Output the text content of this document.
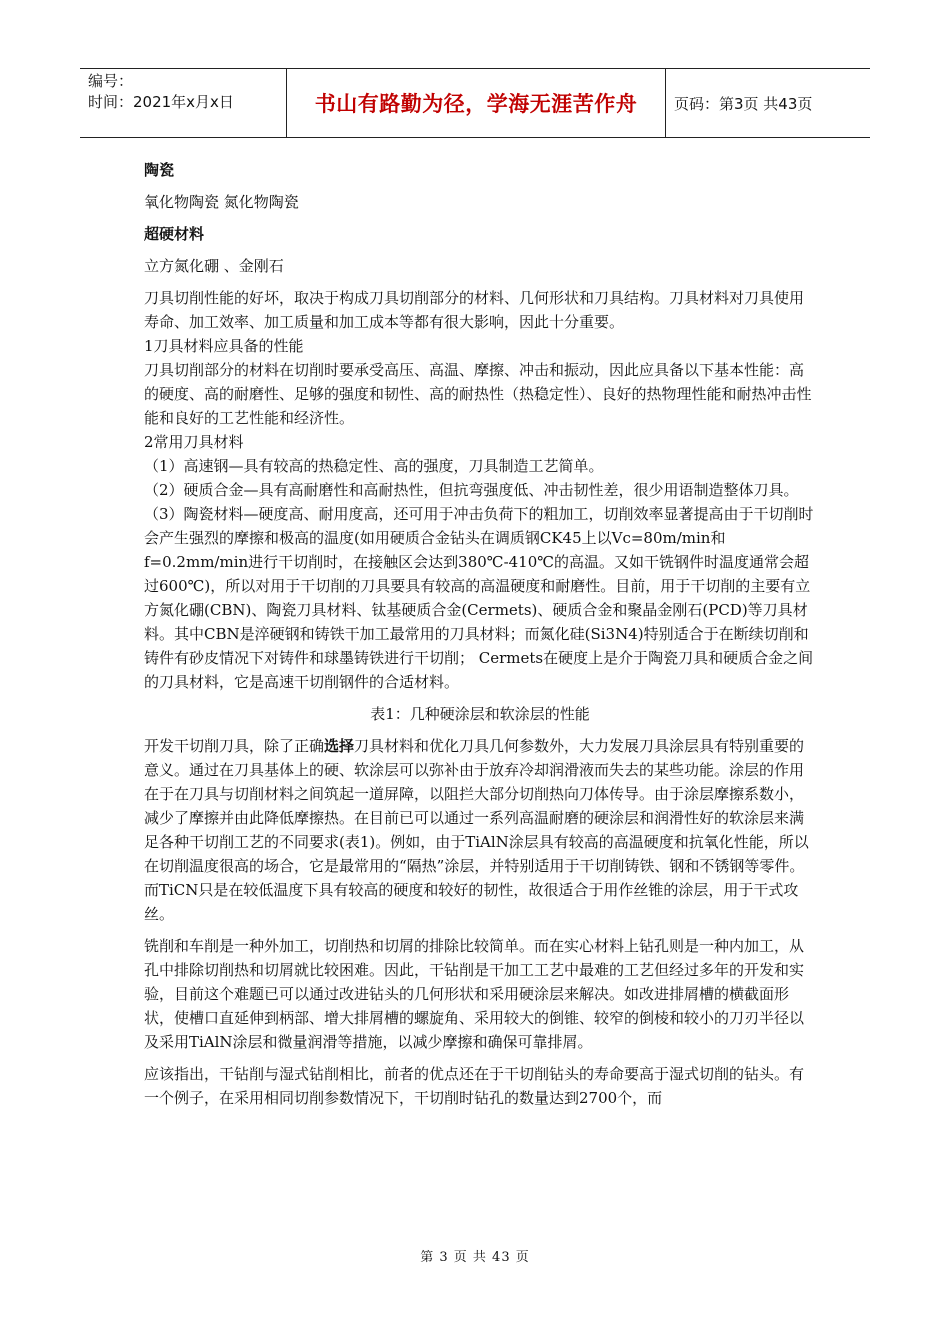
编号：
时间：2021年x月x日	书山有路勤为径，学海无涯苦作舟	页码：第3页 共43页

陶瓷

氧化物陶瓷 氮化物陶瓷

超硬材料

立方氮化硼 、金刚石

刀具切削性能的好坏，取决于构成刀具切削部分的材料、几何形状和刀具结构。刀具材料对刀具使用寿命、加工效率、加工质量和加工成本等都有很大影响，因此十分重要。

1刀具材料应具备的性能

刀具切削部分的材料在切削时要承受高压、高温、摩擦、冲击和振动，因此应具备以下基本性能：高的硬度、高的耐磨性、足够的强度和韧性、高的耐热性（热稳定性）、良好的热物理性能和耐热冲击性能和良好的工艺性能和经济性。

2常用刀具材料

（1）高速钢—具有较高的热稳定性、高的强度，刀具制造工艺简单。

（2）硬质合金—具有高耐磨性和高耐热性，但抗弯强度低、冲击韧性差，很少用语制造整体刀具。

（3）陶瓷材料—硬度高、耐用度高，还可用于冲击负荷下的粗加工，切削效率显著提高由于干切削时会产生强烈的摩擦和极高的温度(如用硬质合金钻头在调质钢CK45上以Vc=80m/min和f=0.2mm/min进行干切削时，在接触区会达到380℃-410℃的高温。又如干铣钢件时温度通常会超过600℃)，所以对用于干切削的刀具要具有较高的高温硬度和耐磨性。目前，用于干切削的主要有立方氮化硼(CBN)、陶瓷刀具材料、钛基硬质合金(Cermets)、硬质合金和聚晶金刚石(PCD)等刀具材料。其中CBN是淬硬钢和铸铁干加工最常用的刀具材料；而氮化硅(Si3N4)特别适合于在断续切削和铸件有砂皮情况下对铸件和球墨铸铁进行干切削； Cermets在硬度上是介于陶瓷刀具和硬质合金之间的刀具材料，它是高速干切削钢件的合适材料。

表1：几种硬涂层和软涂层的性能

开发干切削刀具，除了正确选择刀具材料和优化刀具几何参数外，大力发展刀具涂层具有特别重要的意义。通过在刀具基体上的硬、软涂层可以弥补由于放弃冷却润滑液而失去的某些功能。涂层的作用在于在刀具与切削材料之间筑起一道屏障，以阻拦大部分切削热向刀体传导。由于涂层摩擦系数小，减少了摩擦并由此降低摩擦热。在目前已可以通过一系列高温耐磨的硬涂层和润滑性好的软涂层来满足各种干切削工艺的不同要求(表1)。例如，由于TiAlN涂层具有较高的高温硬度和抗氧化性能，所以在切削温度很高的场合，它是最常用的“隔热”涂层，并特别适用于干切削铸铁、钢和不锈钢等零件。而TiCN只是在较低温度下具有较高的硬度和较好的韧性，故很适合于用作丝锥的涂层，用于干式攻丝。

铣削和车削是一种外加工，切削热和切屑的排除比较简单。而在实心材料上钻孔则是一种内加工，从孔中排除切削热和切屑就比较困难。因此，干钻削是干加工工艺中最难的工艺但经过多年的开发和实验，目前这个难题已可以通过改进钻头的几何形状和采用硬涂层来解决。如改进排屑槽的横截面形状，使槽口直延伸到柄部、增大排屑槽的螺旋角、采用较大的倒锥、较窄的倒棱和较小的刀刃半径以及采用TiAlN涂层和微量润滑等措施，以减少摩擦和确保可靠排屑。

应该指出，干钻削与湿式钻削相比，前者的优点还在于干切削钻头的寿命要高于湿式切削的钻头。有一个例子，在采用相同切削参数情况下，干切削时钻孔的数量达到2700个，而

第 3 页 共 43 页
